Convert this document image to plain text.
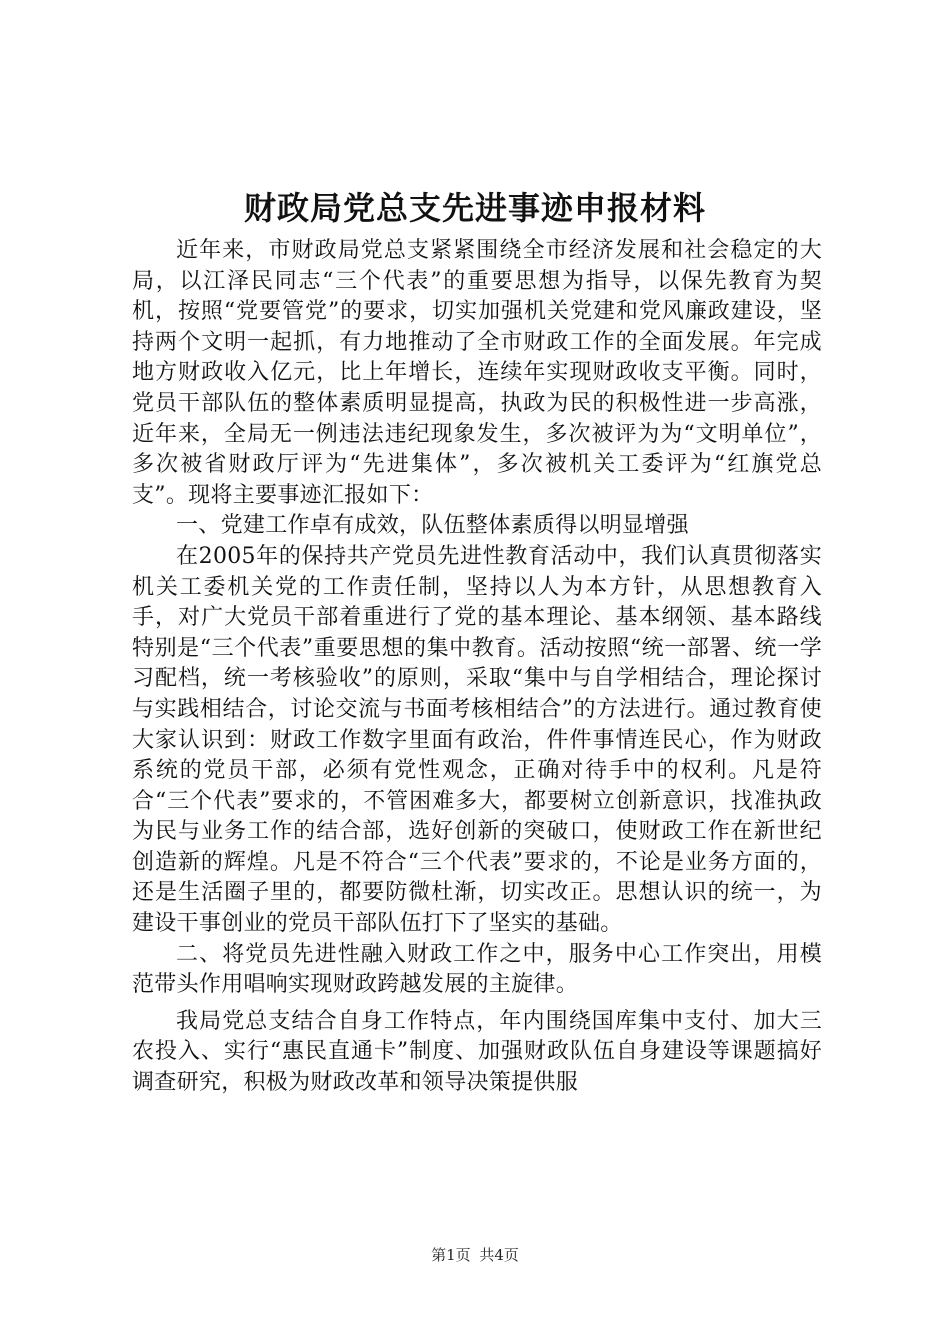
财政局党总支先进事迹申报材料

近年来，市财政局党总支紧紧围绕全市经济发展和社会稳定的大局，以江泽民同志“三个代表”的重要思想为指导，以保先教育为契机，按照“党要管党”的要求，切实加强机关党建和党风廉政建设，坚持两个文明一起抓，有力地推动了全市财政工作的全面发展。年完成地方财政收入亿元，比上年增长，连续年实现财政收支平衡。同时，党员干部队伍的整体素质明显提高，执政为民的积极性进一步高涨，近年来，全局无一例违法违纪现象发生，多次被评为为“文明单位”，多次被省财政厅评为“先进集体”，多次被机关工委评为“红旗党总支”。现将主要事迹汇报如下：

一、党建工作卓有成效，队伍整体素质得以明显增强

在2005年的保持共产党员先进性教育活动中，我们认真贯彻落实机关工委机关党的工作责任制，坚持以人为本方针，从思想教育入手，对广大党员干部着重进行了党的基本理论、基本纲领、基本路线特别是“三个代表”重要思想的集中教育。活动按照“统一部署、统一学习配档，统一考核验收”的原则，采取“集中与自学相结合，理论探讨与实践相结合，讨论交流与书面考核相结合”的方法进行。通过教育使大家认识到：财政工作数字里面有政治，件件事情连民心，作为财政系统的党员干部，必须有党性观念，正确对待手中的权利。凡是符合“三个代表”要求的，不管困难多大，都要树立创新意识，找准执政为民与业务工作的结合部，选好创新的突破口，使财政工作在新世纪创造新的辉煌。凡是不符合“三个代表”要求的，不论是业务方面的，还是生活圈子里的，都要防微杜渐，切实改正。思想认识的统一，为建设干事创业的党员干部队伍打下了坚实的基础。

二、将党员先进性融入财政工作之中，服务中心工作突出，用模范带头作用唱响实现财政跨越发展的主旋律。

我局党总支结合自身工作特点，年内围绕国库集中支付、加大三农投入、实行“惠民直通卡”制度、加强财政队伍自身建设等课题搞好调查研究，积极为财政改革和领导决策提供服

第1页 共4页
